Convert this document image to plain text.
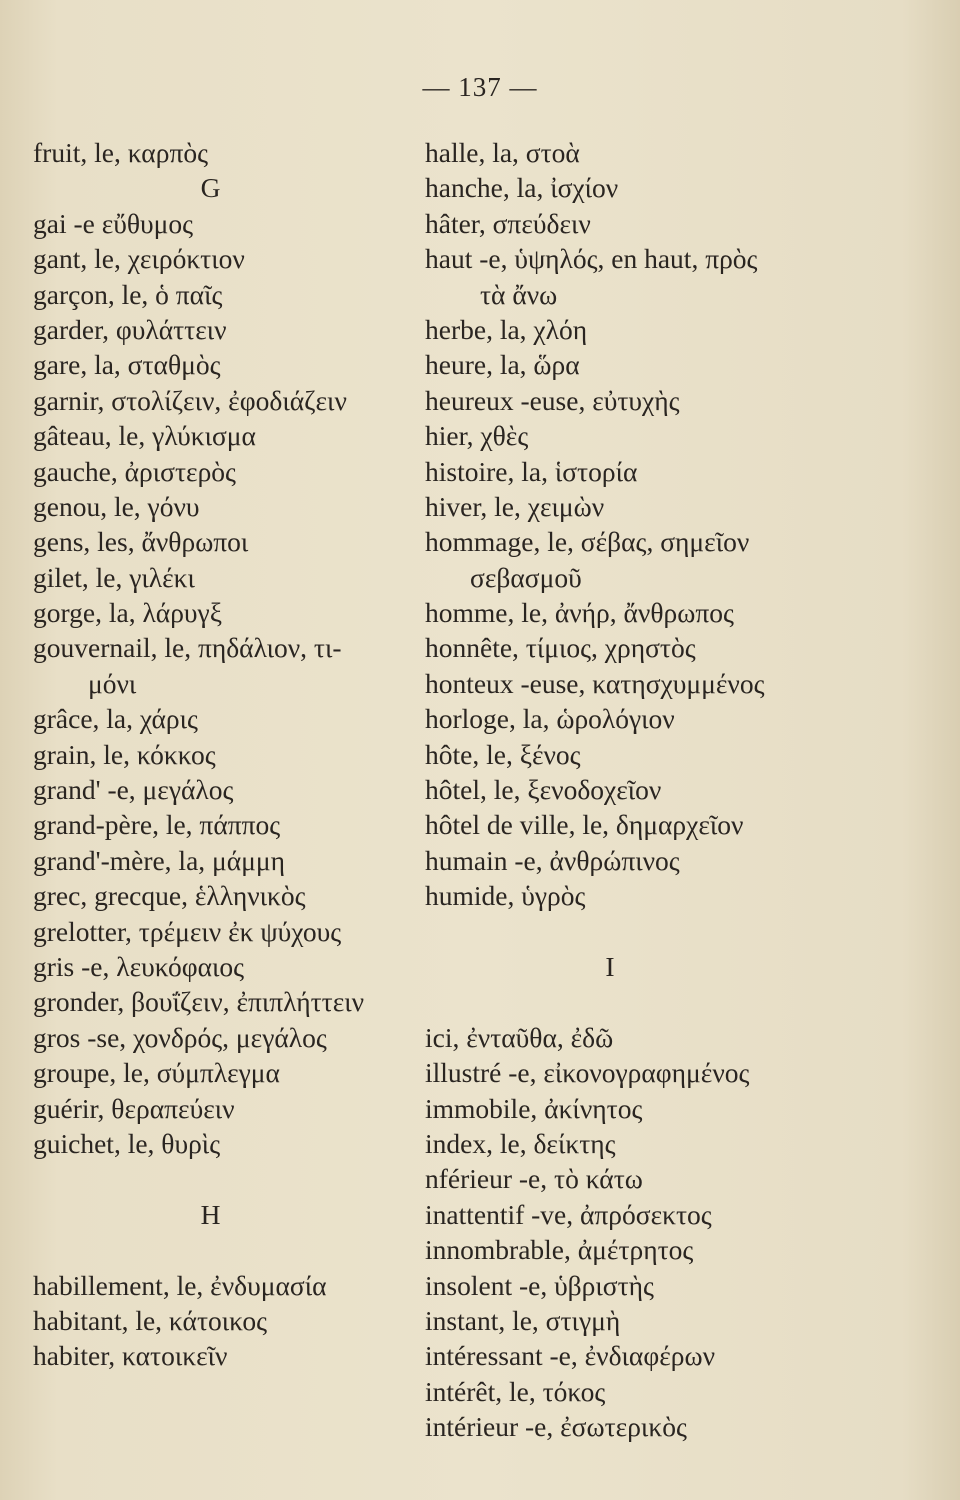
— 137 —
fruit, le, καρπὸς
G
gai -e εὔθυμος
gant, le, χειρόκτιον
garçon, le, ὁ παῖς
garder, φυλάττειν
gare, la, σταθμὸς
garnir, στολίζειν, ἐφοδιάζειν
gâteau, le, γλύκισμα
gauche, ἀριστερὸς
genou, le, γόνυ
gens, les, ἄνθρωποι
gilet, le, γιλέκι
gorge, la, λάρυγξ
gouvernail, le, πηδάλιον, τι-
μόνι
grâce, la, χάρις
grain, le, κόκκος
grand' -e, μεγάλος
grand-père, le, πάππος
grand'-mère, la, μάμμη
grec, grecque, ἑλληνικὸς
grelotter, τρέμειν ἐκ ψύχους
gris -e, λευκόφαιος
gronder, βουΐζειν, ἐπιπλήττειν
gros -se, χονδρός, μεγάλος
groupe, le, σύμπλεγμα
guérir, θεραπεύειν
guichet, le, θυρὶς
H
habillement, le, ἐνδυμασία
habitant, le, κάτοικος
habiter, κατοικεῖν
halle, la, στοὰ
hanche, la, ἰσχίον
hâter, σπεύδειν
haut -e, ὑψηλός, en haut, πρὸς
τὰ ἄνω
herbe, la, χλόη
heure, la, ὥρα
heureux -euse, εὐτυχὴς
hier, χθὲς
histoire, la, ἱστορία
hiver, le, χειμὼν
hommage, le, σέβας, σημεῖον
σεβασμοῦ
homme, le, ἀνήρ, ἄνθρωπος
honnête, τίμιος, χρηστὸς
honteux -euse, κατησχυμμένος
horloge, la, ὡρολόγιον
hôte, le, ξένος
hôtel, le, ξενοδοχεῖον
hôtel de ville, le, δημαρχεῖον
humain -e, ἀνθρώπινος
humide, ὑγρὸς
I
ici, ἐνταῦθα, ἐδῶ
illustré -e, εἰκονογραφημένος
immobile, ἀκίνητος
index, le, δείκτης
nférieur -e, τὸ κάτω
inattentif -ve, ἀπρόσεκτος
innombrable, ἀμέτρητος
insolent -e, ὑβριστὴς
instant, le, στιγμὴ
intéressant -e, ἐνδιαφέρων
intérêt, le, τόκος
intérieur -e, ἐσωτερικὸς
